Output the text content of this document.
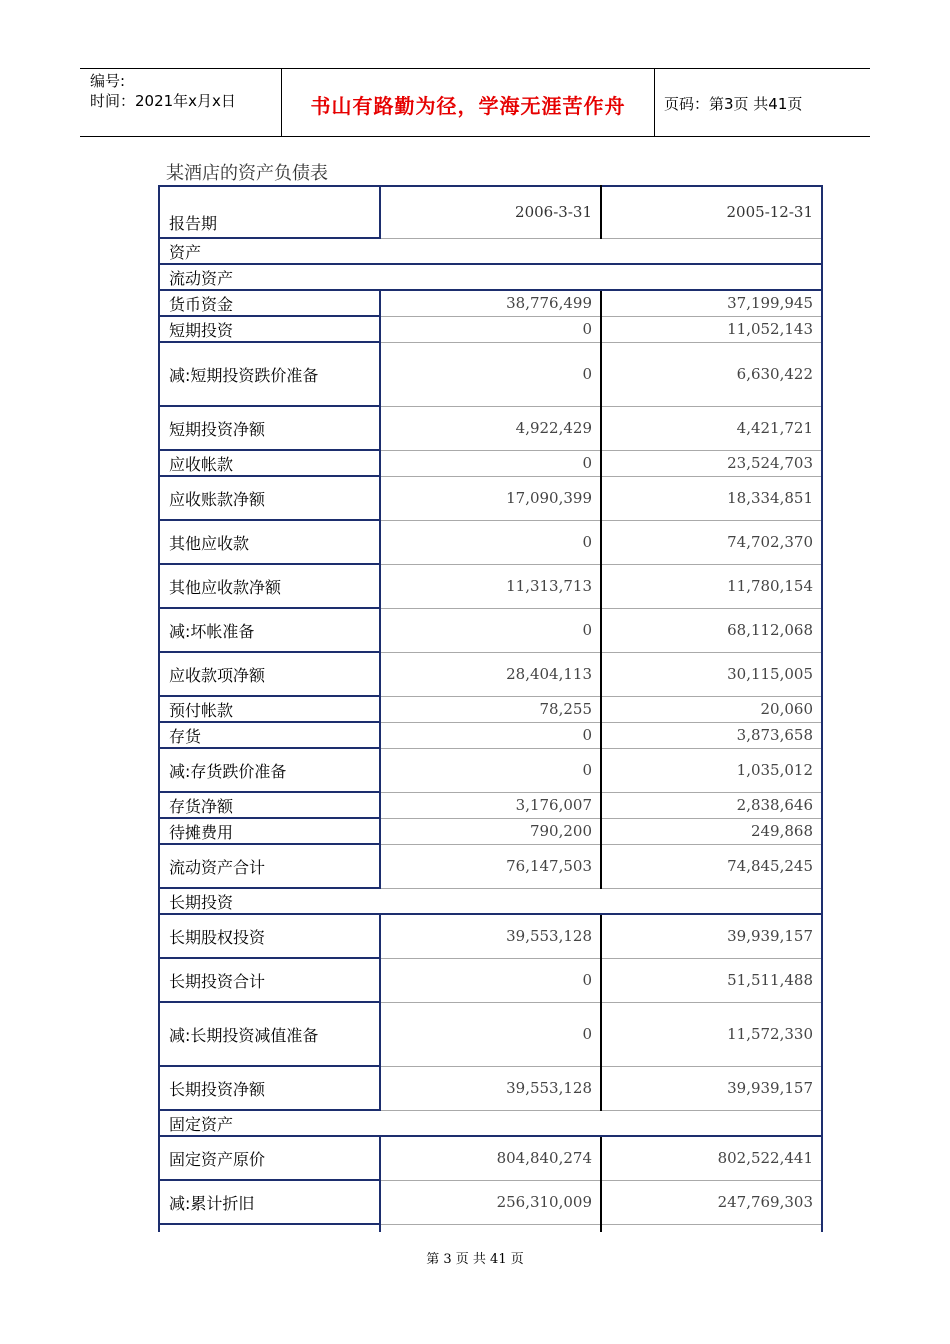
编号:
时间：2021年x月x日	书山有路勤为径，学海无涯苦作舟	页码：第3页 共41页
某酒店的资产负债表
报告期	2006-3-31	2005-12-31
资产		
流动资产		
货币资金	38,776,499	37,199,945
短期投资	0	11,052,143
减:短期投资跌价准备	0	6,630,422
短期投资净额	4,922,429	4,421,721
应收帐款	0	23,524,703
应收账款净额	17,090,399	18,334,851
其他应收款	0	74,702,370
其他应收款净额	11,313,713	11,780,154
减:坏帐准备	0	68,112,068
应收款项净额	28,404,113	30,115,005
预付帐款	78,255	20,060
存货	0	3,873,658
减:存货跌价准备	0	1,035,012
存货净额	3,176,007	2,838,646
待摊费用	790,200	249,868
流动资产合计	76,147,503	74,845,245
长期投资		
长期股权投资	39,553,128	39,939,157
长期投资合计	0	51,511,488
减:长期投资减值准备	0	11,572,330
长期投资净额	39,553,128	39,939,157
固定资产		
固定资产原价	804,840,274	802,522,441
减:累计折旧	256,310,009	247,769,303

第 3 页 共 41 页
